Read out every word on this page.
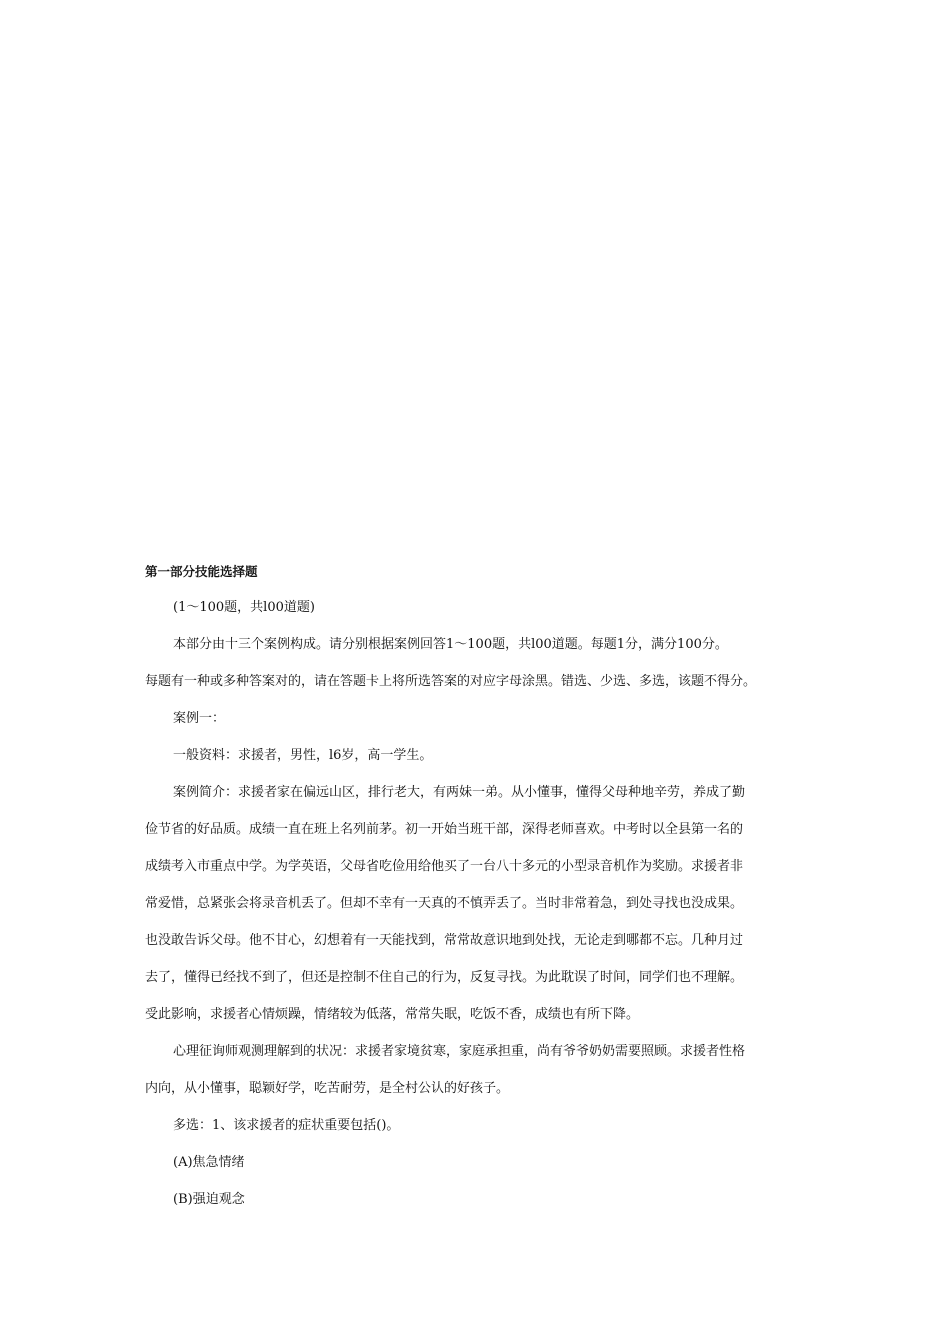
第一部分技能选择题
(1～100题，共l00道题)
本部分由十三个案例构成。请分别根据案例回答1～100题，共l00道题。每题1分，满分100分。
每题有一种或多种答案对的，请在答题卡上将所选答案的对应字母涂黑。错选、少选、多选，该题不得分。
案例一：
一般资料：求援者，男性，l6岁，高一学生。
案例简介：求援者家在偏远山区，排行老大，有两妹一弟。从小懂事，懂得父母种地辛劳，养成了勤
俭节省的好品质。成绩一直在班上名列前茅。初一开始当班干部，深得老师喜欢。中考时以全县第一名的
成绩考入市重点中学。为学英语，父母省吃俭用给他买了一台八十多元的小型录音机作为奖励。求援者非
常爱惜，总紧张会将录音机丢了。但却不幸有一天真的不慎弄丢了。当时非常着急，到处寻找也没成果。
也没敢告诉父母。他不甘心，幻想着有一天能找到，常常故意识地到处找，无论走到哪都不忘。几种月过
去了，懂得已经找不到了，但还是控制不住自己的行为，反复寻找。为此耽误了时间，同学们也不理解。
受此影响，求援者心情烦躁，情绪较为低落，常常失眠，吃饭不香，成绩也有所下降。
心理征询师观测理解到的状况：求援者家境贫寒，家庭承担重，尚有爷爷奶奶需要照顾。求援者性格
内向，从小懂事，聪颖好学，吃苦耐劳，是全村公认的好孩子。
多选：1、该求援者的症状重要包括()。
(A)焦急情绪
(B)强迫观念
